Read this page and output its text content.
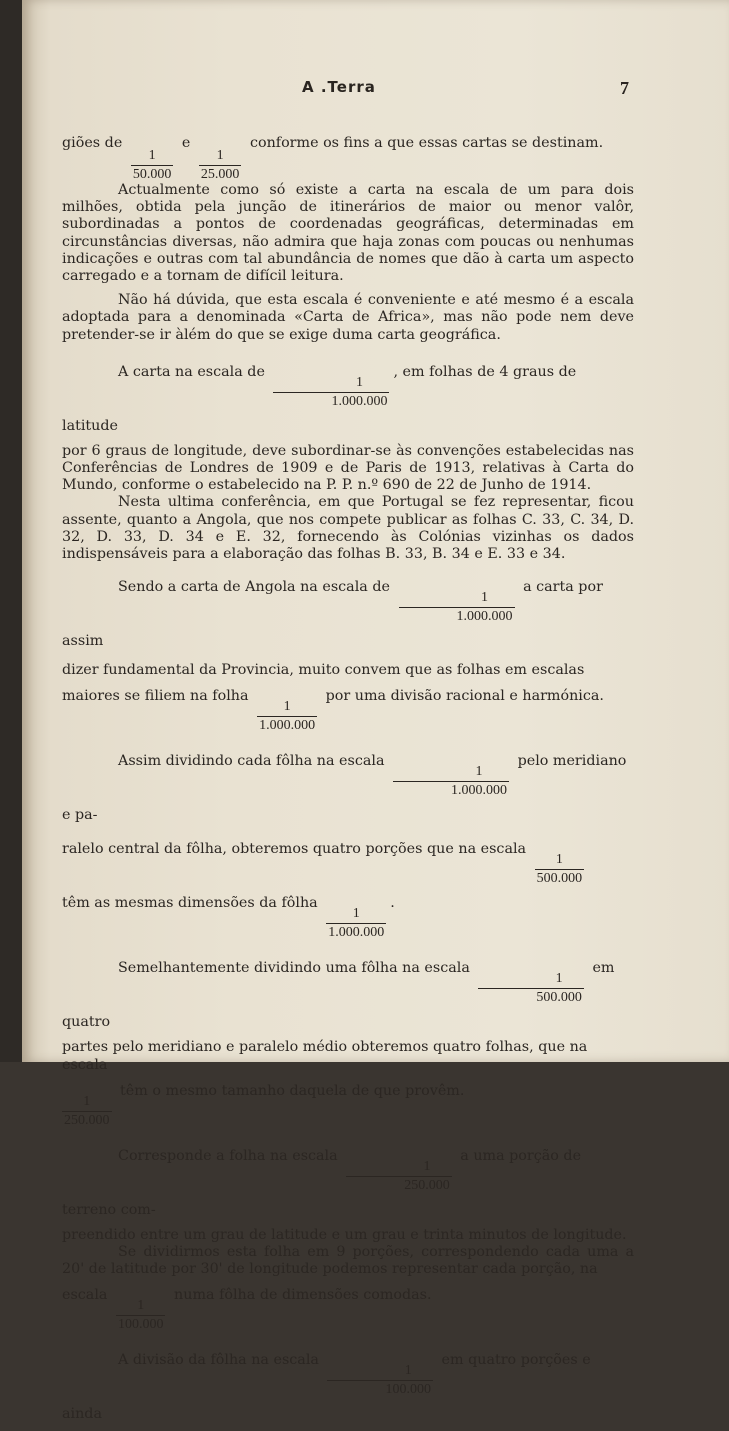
A .Terra	7

giões de
$\frac{1}{50.000}$
e
$\frac{1}{25.000}$
conforme os fins a que essas cartas se destinam.

Actualmente como só existe a carta na escala de um para dois milhões, obtida pela junção de itinerários de maior ou menor valôr, subordinadas a pontos de coordenadas geográficas, determinadas em circunstâncias diversas, não admira que haja zonas com poucas ou nenhumas indicações e outras com tal abundância de nomes que dão à carta um aspecto carregado e a tornam de difícil leitura.

Não há dúvida, que esta escala é conveniente e até mesmo é a escala adoptada para a denominada «Carta de Africa», mas não pode nem deve pretender-se ir àlém do que se exige duma carta geográfica.

A carta na escala de
$\frac{1}{1.000.000}$
, em folhas de 4 graus de latitude

por 6 graus de longitude, deve subordinar-se às convenções estabelecidas nas Conferências de Londres de 1909 e de Paris de 1913, relativas à Carta do Mundo, conforme o estabelecido na P. P. n.º 690 de 22 de Junho de 1914.

Nesta ultima conferência, em que Portugal se fez representar, ficou assente, quanto a Angola, que nos compete publicar as folhas C. 33, C. 34, D. 32, D. 33, D. 34 e E. 32, fornecendo às Colónias vizinhas os dados indispensáveis para a elaboração das folhas B. 33, B. 34 e E. 33 e 34.

Sendo a carta de Angola na escala de
$\frac{1}{1.000.000}$
a carta por assim

dizer fundamental da Provincia, muito convem que as folhas em escalas

maiores se filiem na folha
$\frac{1}{1.000.000}$
por uma divisão racional e harmónica.

Assim dividindo cada fôlha na escala
$\frac{1}{1.000.000}$
pelo meridiano e pa-

ralelo central da fôlha, obteremos quatro porções que na escala
$\frac{1}{500.000}$

têm as mesmas dimensões da fôlha
$\frac{1}{1.000.000}$
.

Semelhantemente dividindo uma fôlha na escala
$\frac{1}{500.000}$
em quatro

partes pelo meridiano e paralelo médio obteremos quatro folhas, que na escala

$\frac{1}{250.000}$
têm o mesmo tamanho daquela de que provêm.

Corresponde a folha na escala
$\frac{1}{250.000}$
a uma porção de terreno com-

preendido entre um grau de latitude e um grau e trinta minutos de longitude.

Se dividirmos esta folha em 9 porções, correspondendo cada uma a 20' de latitude por 30' de longitude podemos representar cada porção, na

escala
$\frac{1}{100.000}$
numa fôlha de dimensões comodas.

A divisão da fôlha na escala
$\frac{1}{100.000}$
em quatro porções e ainda
